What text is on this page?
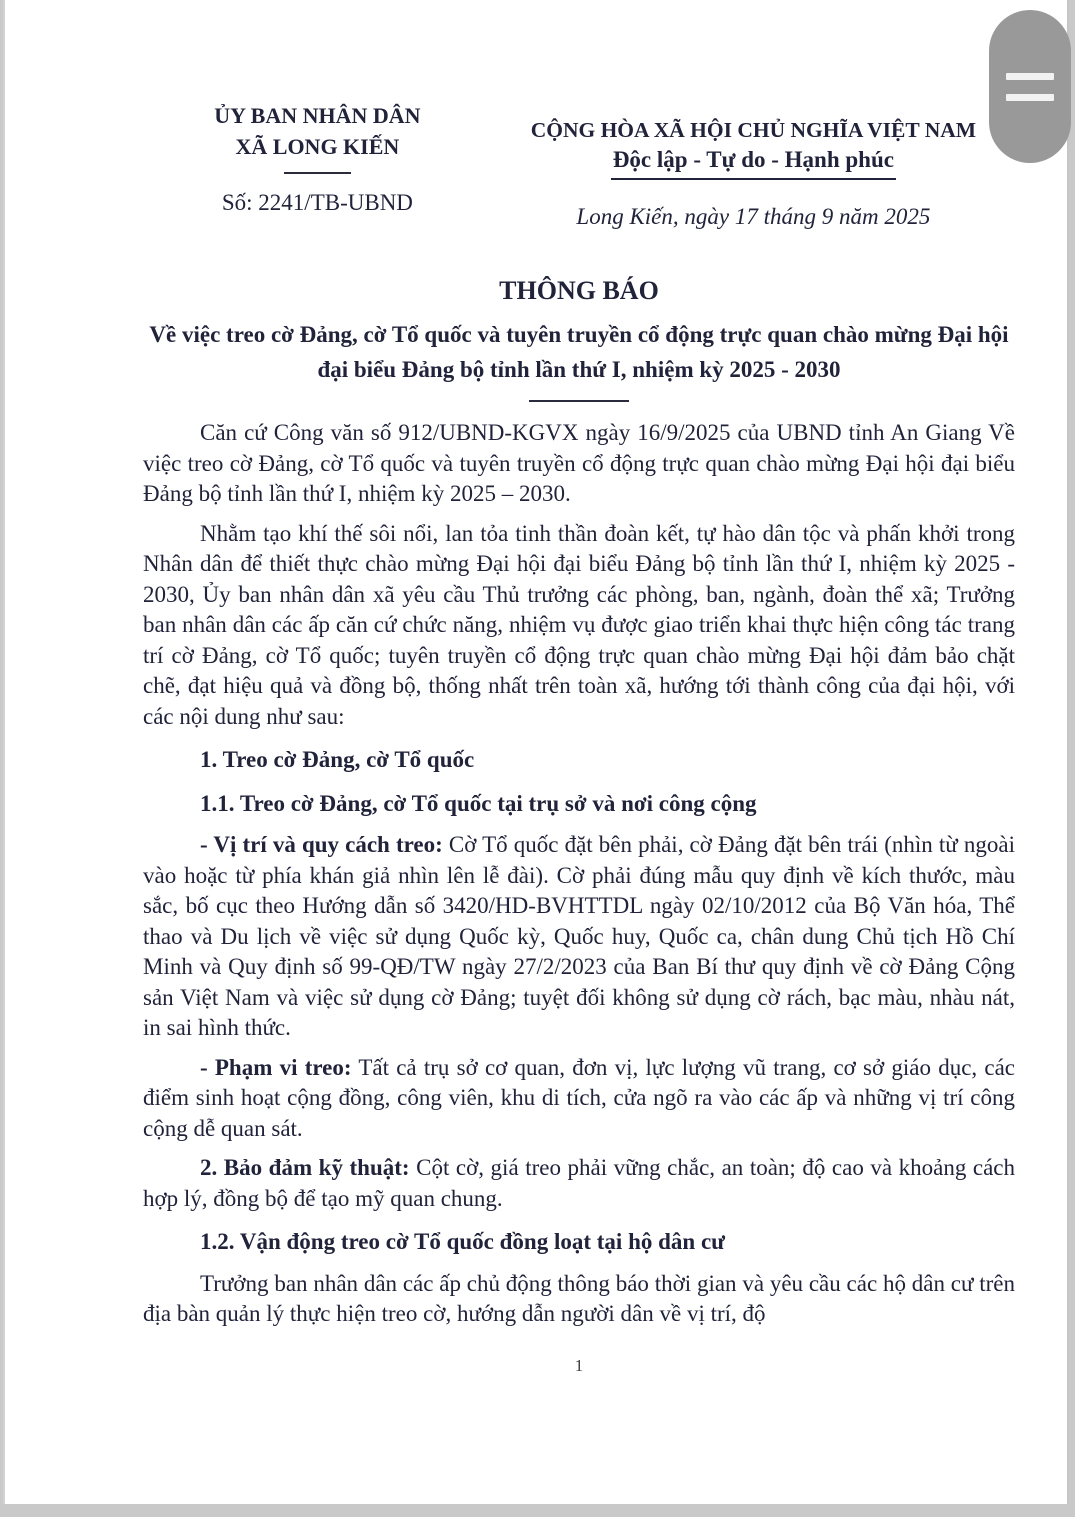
ỦY BAN NHÂN DÂN
XÃ LONG KIẾN
Số: 2241/TB-UBND
CỘNG HÒA XÃ HỘI CHỦ NGHĨA VIỆT NAM
Độc lập - Tự do - Hạnh phúc
Long Kiến, ngày 17 tháng 9 năm 2025
THÔNG BÁO
Về việc treo cờ Đảng, cờ Tổ quốc và tuyên truyền cổ động trực quan chào mừng Đại hội đại biểu Đảng bộ tỉnh lần thứ I, nhiệm kỳ 2025 - 2030

Căn cứ Công văn số 912/UBND-KGVX ngày 16/9/2025 của UBND tỉnh An Giang Về việc treo cờ Đảng, cờ Tổ quốc và tuyên truyền cổ động trực quan chào mừng Đại hội đại biểu Đảng bộ tỉnh lần thứ I, nhiệm kỳ 2025 – 2030.

Nhằm tạo khí thế sôi nổi, lan tỏa tinh thần đoàn kết, tự hào dân tộc và phấn khởi trong Nhân dân để thiết thực chào mừng Đại hội đại biểu Đảng bộ tỉnh lần thứ I, nhiệm kỳ 2025 - 2030, Ủy ban nhân dân xã yêu cầu Thủ trưởng các phòng, ban, ngành, đoàn thể xã; Trưởng ban nhân dân các ấp căn cứ chức năng, nhiệm vụ được giao triển khai thực hiện công tác trang trí cờ Đảng, cờ Tổ quốc; tuyên truyền cổ động trực quan chào mừng Đại hội đảm bảo chặt chẽ, đạt hiệu quả và đồng bộ, thống nhất trên toàn xã, hướng tới thành công của đại hội, với các nội dung như sau:

1. Treo cờ Đảng, cờ Tổ quốc

1.1. Treo cờ Đảng, cờ Tổ quốc tại trụ sở và nơi công cộng

- Vị trí và quy cách treo: Cờ Tổ quốc đặt bên phải, cờ Đảng đặt bên trái (nhìn từ ngoài vào hoặc từ phía khán giả nhìn lên lễ đài). Cờ phải đúng mẫu quy định về kích thước, màu sắc, bố cục theo Hướng dẫn số 3420/HD-BVHTTDL ngày 02/10/2012 của Bộ Văn hóa, Thể thao và Du lịch về việc sử dụng Quốc kỳ, Quốc huy, Quốc ca, chân dung Chủ tịch Hồ Chí Minh và Quy định số 99-QĐ/TW ngày 27/2/2023 của Ban Bí thư quy định về cờ Đảng Cộng sản Việt Nam và việc sử dụng cờ Đảng; tuyệt đối không sử dụng cờ rách, bạc màu, nhàu nát, in sai hình thức.

- Phạm vi treo: Tất cả trụ sở cơ quan, đơn vị, lực lượng vũ trang, cơ sở giáo dục, các điểm sinh hoạt cộng đồng, công viên, khu di tích, cửa ngõ ra vào các ấp và những vị trí công cộng dễ quan sát.

2. Bảo đảm kỹ thuật: Cột cờ, giá treo phải vững chắc, an toàn; độ cao và khoảng cách hợp lý, đồng bộ để tạo mỹ quan chung.

1.2. Vận động treo cờ Tổ quốc đồng loạt tại hộ dân cư

Trưởng ban nhân dân các ấp chủ động thông báo thời gian và yêu cầu các hộ dân cư trên địa bàn quản lý thực hiện treo cờ, hướng dẫn người dân về vị trí, độ

1
